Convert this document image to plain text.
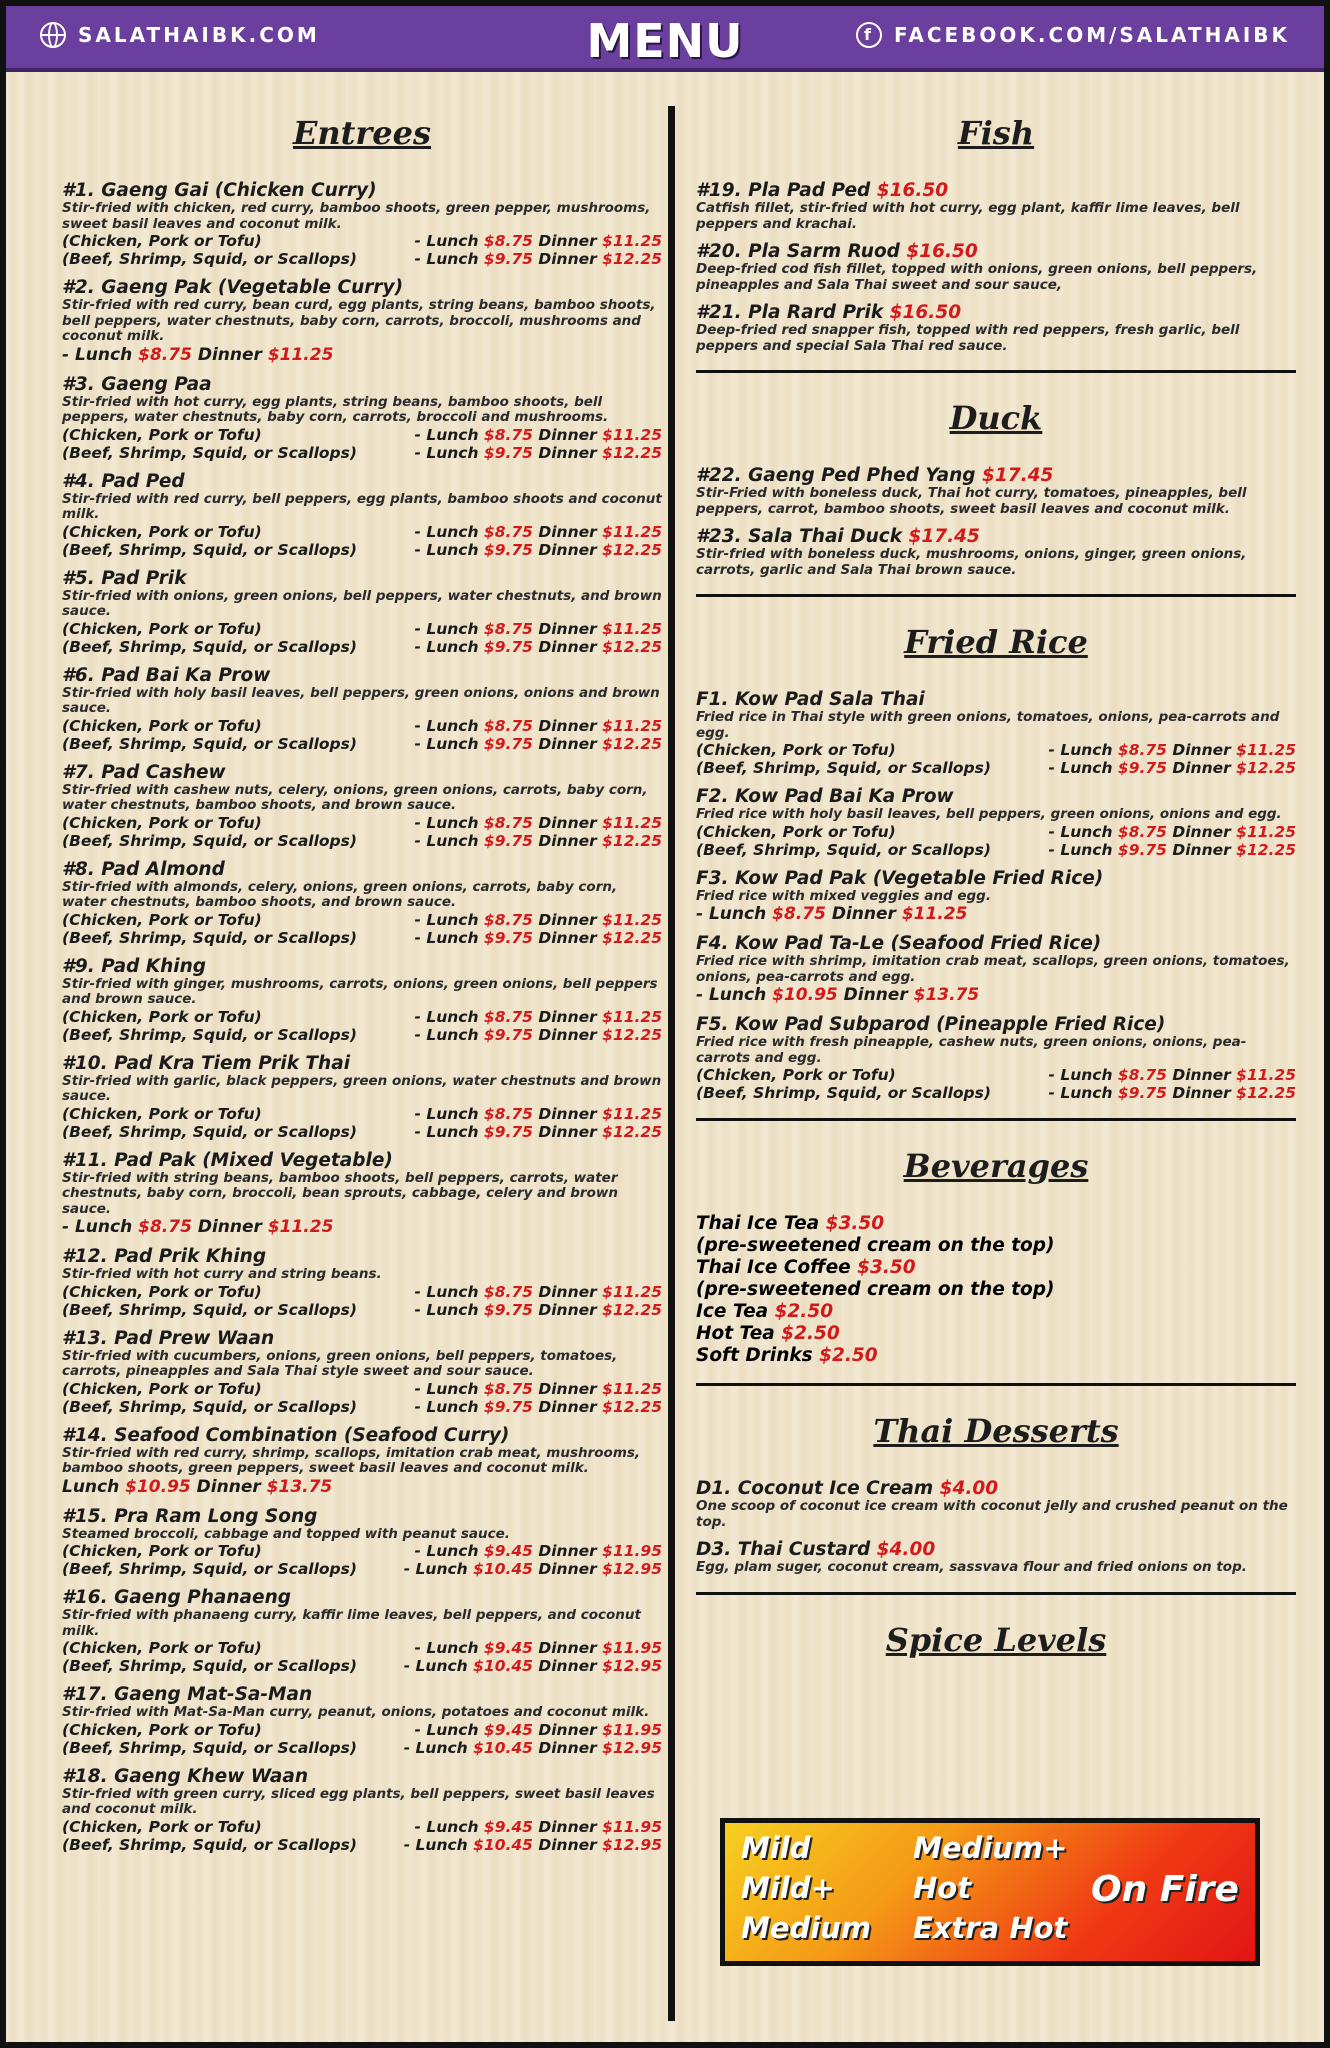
SALATHAIBK.COM	MENU	f	FACEBOOK.COM/SALATHAIBK
Entrees
#1. Gaeng Gai (Chicken Curry)
Stir-fried with chicken, red curry, bamboo shoots, green pepper, mushrooms, sweet basil leaves and coconut milk.
(Chicken, Pork or Tofu)	- Lunch $8.75 Dinner $11.25
(Beef, Shrimp, Squid, or Scallops)	- Lunch $9.75 Dinner $12.25
#2. Gaeng Pak (Vegetable Curry)
Stir-fried with red curry, bean curd, egg plants, string beans, bamboo shoots, bell peppers, water chestnuts, baby corn, carrots, broccoli, mushrooms and coconut milk.
- Lunch $8.75 Dinner $11.25
#3. Gaeng Paa
Stir-fried with hot curry, egg plants, string beans, bamboo shoots, bell peppers, water chestnuts, baby corn, carrots, broccoli and mushrooms.
(Chicken, Pork or Tofu)	- Lunch $8.75 Dinner $11.25
(Beef, Shrimp, Squid, or Scallops)	- Lunch $9.75 Dinner $12.25
#4. Pad Ped
Stir-fried with red curry, bell peppers, egg plants, bamboo shoots and coconut milk.
(Chicken, Pork or Tofu)	- Lunch $8.75 Dinner $11.25
(Beef, Shrimp, Squid, or Scallops)	- Lunch $9.75 Dinner $12.25
#5. Pad Prik
Stir-fried with onions, green onions, bell peppers, water chestnuts, and brown sauce.
(Chicken, Pork or Tofu)	- Lunch $8.75 Dinner $11.25
(Beef, Shrimp, Squid, or Scallops)	- Lunch $9.75 Dinner $12.25
#6. Pad Bai Ka Prow
Stir-fried with holy basil leaves, bell peppers, green onions, onions and brown sauce.
(Chicken, Pork or Tofu)	- Lunch $8.75 Dinner $11.25
(Beef, Shrimp, Squid, or Scallops)	- Lunch $9.75 Dinner $12.25
#7. Pad Cashew
Stir-fried with cashew nuts, celery, onions, green onions, carrots, baby corn, water chestnuts, bamboo shoots, and brown sauce.
(Chicken, Pork or Tofu)	- Lunch $8.75 Dinner $11.25
(Beef, Shrimp, Squid, or Scallops)	- Lunch $9.75 Dinner $12.25
#8. Pad Almond
Stir-fried with almonds, celery, onions, green onions, carrots, baby corn, water chestnuts, bamboo shoots, and brown sauce.
(Chicken, Pork or Tofu)	- Lunch $8.75 Dinner $11.25
(Beef, Shrimp, Squid, or Scallops)	- Lunch $9.75 Dinner $12.25
#9. Pad Khing
Stir-fried with ginger, mushrooms, carrots, onions, green onions, bell peppers and brown sauce.
(Chicken, Pork or Tofu)	- Lunch $8.75 Dinner $11.25
(Beef, Shrimp, Squid, or Scallops)	- Lunch $9.75 Dinner $12.25
#10. Pad Kra Tiem Prik Thai
Stir-fried with garlic, black peppers, green onions, water chestnuts and brown sauce.
(Chicken, Pork or Tofu)	- Lunch $8.75 Dinner $11.25
(Beef, Shrimp, Squid, or Scallops)	- Lunch $9.75 Dinner $12.25
#11. Pad Pak (Mixed Vegetable)
Stir-fried with string beans, bamboo shoots, bell peppers, carrots, water chestnuts, baby corn, broccoli, bean sprouts, cabbage, celery and brown sauce.
- Lunch $8.75 Dinner $11.25
#12. Pad Prik Khing
Stir-fried with hot curry and string beans.
(Chicken, Pork or Tofu)	- Lunch $8.75 Dinner $11.25
(Beef, Shrimp, Squid, or Scallops)	- Lunch $9.75 Dinner $12.25
#13. Pad Prew Waan
Stir-fried with cucumbers, onions, green onions, bell peppers, tomatoes, carrots, pineapples and Sala Thai style sweet and sour sauce.
(Chicken, Pork or Tofu)	- Lunch $8.75 Dinner $11.25
(Beef, Shrimp, Squid, or Scallops)	- Lunch $9.75 Dinner $12.25
#14. Seafood Combination (Seafood Curry)
Stir-fried with red curry, shrimp, scallops, imitation crab meat, mushrooms, bamboo shoots, green peppers, sweet basil leaves and coconut milk.
Lunch $10.95 Dinner $13.75
#15. Pra Ram Long Song
Steamed broccoli, cabbage and topped with peanut sauce.
(Chicken, Pork or Tofu)	- Lunch $9.45 Dinner $11.95
(Beef, Shrimp, Squid, or Scallops)	- Lunch $10.45 Dinner $12.95
#16. Gaeng Phanaeng
Stir-fried with phanaeng curry, kaffir lime leaves, bell peppers, and coconut milk.
(Chicken, Pork or Tofu)	- Lunch $9.45 Dinner $11.95
(Beef, Shrimp, Squid, or Scallops)	- Lunch $10.45 Dinner $12.95
#17. Gaeng Mat-Sa-Man
Stir-fried with Mat-Sa-Man curry, peanut, onions, potatoes and coconut milk.
(Chicken, Pork or Tofu)	- Lunch $9.45 Dinner $11.95
(Beef, Shrimp, Squid, or Scallops)	- Lunch $10.45 Dinner $12.95
#18. Gaeng Khew Waan
Stir-fried with green curry, sliced egg plants, bell peppers, sweet basil leaves and coconut milk.
(Chicken, Pork or Tofu)	- Lunch $9.45 Dinner $11.95
(Beef, Shrimp, Squid, or Scallops)	- Lunch $10.45 Dinner $12.95
Fish
#19. Pla Pad Ped $16.50
Catfish fillet, stir-fried with hot curry, egg plant, kaffir lime leaves, bell peppers and krachai.
#20. Pla Sarm Ruod $16.50
Deep-fried cod fish fillet, topped with onions, green onions, bell peppers, pineapples and Sala Thai sweet and sour sauce,
#21. Pla Rard Prik $16.50
Deep-fried red snapper fish, topped with red peppers, fresh garlic, bell peppers and special Sala Thai red sauce.
Duck
#22. Gaeng Ped Phed Yang $17.45
Stir-Fried with boneless duck, Thai hot curry, tomatoes, pineapples, bell peppers, carrot, bamboo shoots, sweet basil leaves and coconut milk.
#23. Sala Thai Duck $17.45
Stir-fried with boneless duck, mushrooms, onions, ginger, green onions, carrots, garlic and Sala Thai brown sauce.
Fried Rice
F1. Kow Pad Sala Thai
Fried rice in Thai style with green onions, tomatoes, onions, pea-carrots and egg.
(Chicken, Pork or Tofu)	- Lunch $8.75 Dinner $11.25
(Beef, Shrimp, Squid, or Scallops)	- Lunch $9.75 Dinner $12.25
F2. Kow Pad Bai Ka Prow
Fried rice with holy basil leaves, bell peppers, green onions, onions and egg.
(Chicken, Pork or Tofu)	- Lunch $8.75 Dinner $11.25
(Beef, Shrimp, Squid, or Scallops)	- Lunch $9.75 Dinner $12.25
F3. Kow Pad Pak (Vegetable Fried Rice)
Fried rice with mixed veggies and egg.
- Lunch $8.75 Dinner $11.25
F4. Kow Pad Ta-Le (Seafood Fried Rice)
Fried rice with shrimp, imitation crab meat, scallops, green onions, tomatoes, onions, pea-carrots and egg.
- Lunch $10.95 Dinner $13.75
F5. Kow Pad Subparod (Pineapple Fried Rice)
Fried rice with fresh pineapple, cashew nuts, green onions, onions, pea-carrots and egg.
(Chicken, Pork or Tofu)	- Lunch $8.75 Dinner $11.25
(Beef, Shrimp, Squid, or Scallops)	- Lunch $9.75 Dinner $12.25
Beverages
Thai Ice Tea $3.50
(pre-sweetened cream on the top)
Thai Ice Coffee $3.50
(pre-sweetened cream on the top)
Ice Tea $2.50
Hot Tea $2.50
Soft Drinks $2.50
Thai Desserts
D1. Coconut Ice Cream $4.00
One scoop of coconut ice cream with coconut jelly and crushed peanut on the top.
D3. Thai Custard $4.00
Egg, plam suger, coconut cream, sassvava flour and fried onions on top.
Spice Levels
Mild
Mild+
Medium
Medium+
Hot
Extra Hot
On Fire
